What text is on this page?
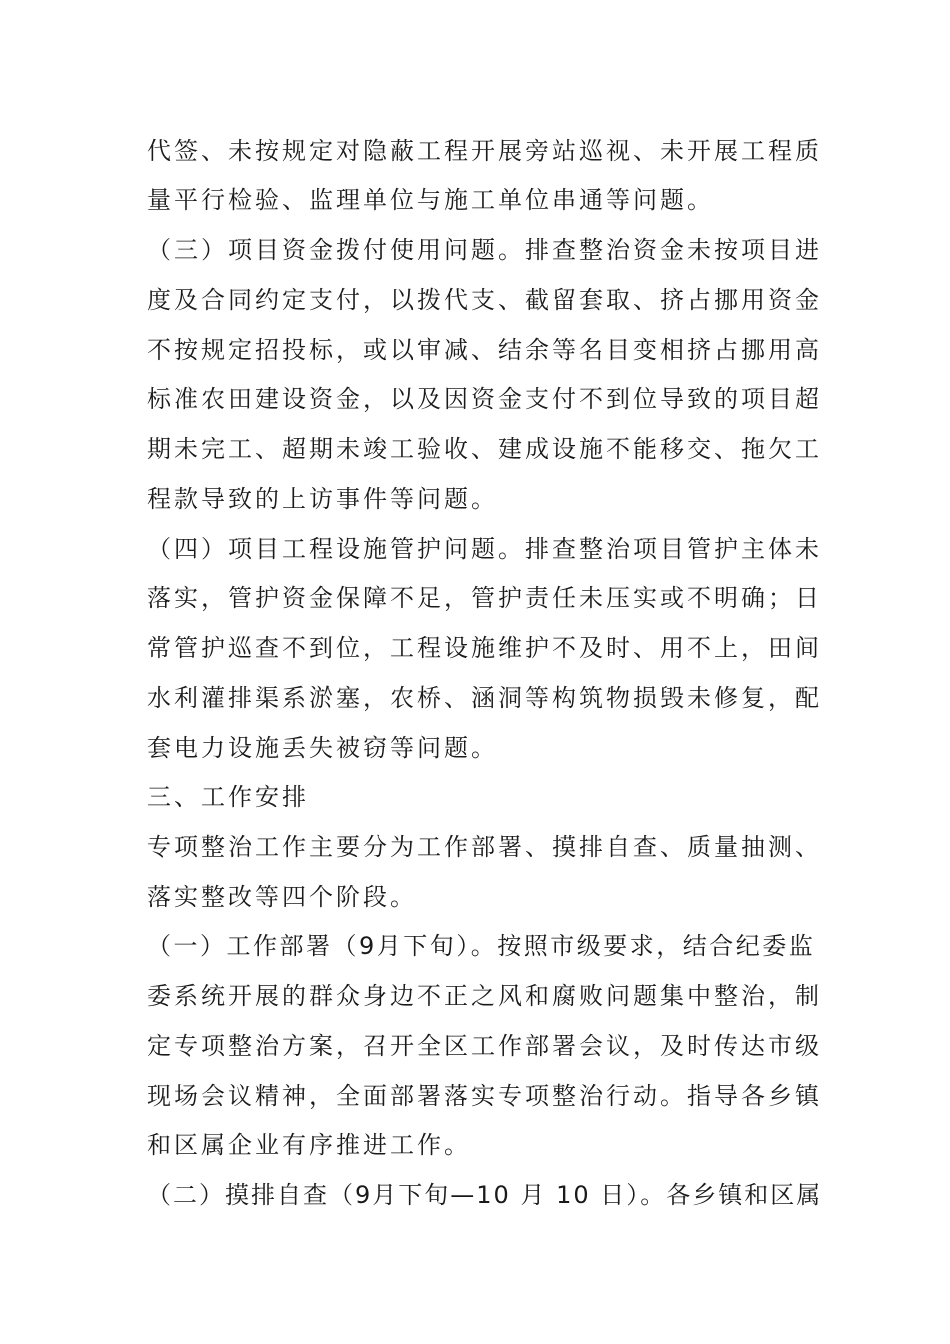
代签、未按规定对隐蔽工程开展旁站巡视、未开展工程质
量平行检验、监理单位与施工单位串通等问题。
（三）项目资金拨付使用问题。排查整治资金未按项目进
度及合同约定支付，以拨代支、截留套取、挤占挪用资金
不按规定招投标，或以审减、结余等名目变相挤占挪用高
标准农田建设资金，以及因资金支付不到位导致的项目超
期未完工、超期未竣工验收、建成设施不能移交、拖欠工
程款导致的上访事件等问题。
（四）项目工程设施管护问题。排查整治项目管护主体未
落实，管护资金保障不足，管护责任未压实或不明确；日
常管护巡查不到位，工程设施维护不及时、用不上，田间
水利灌排渠系淤塞，农桥、涵洞等构筑物损毁未修复，配
套电力设施丢失被窃等问题。
三、工作安排
专项整治工作主要分为工作部署、摸排自查、质量抽测、
落实整改等四个阶段。
（一）工作部署（9月下旬）。按照市级要求，结合纪委监
委系统开展的群众身边不正之风和腐败问题集中整治，制
定专项整治方案，召开全区工作部署会议，及时传达市级
现场会议精神，全面部署落实专项整治行动。指导各乡镇
和区属企业有序推进工作。
（二）摸排自查（9月下旬—10 月 10 日）。各乡镇和区属
